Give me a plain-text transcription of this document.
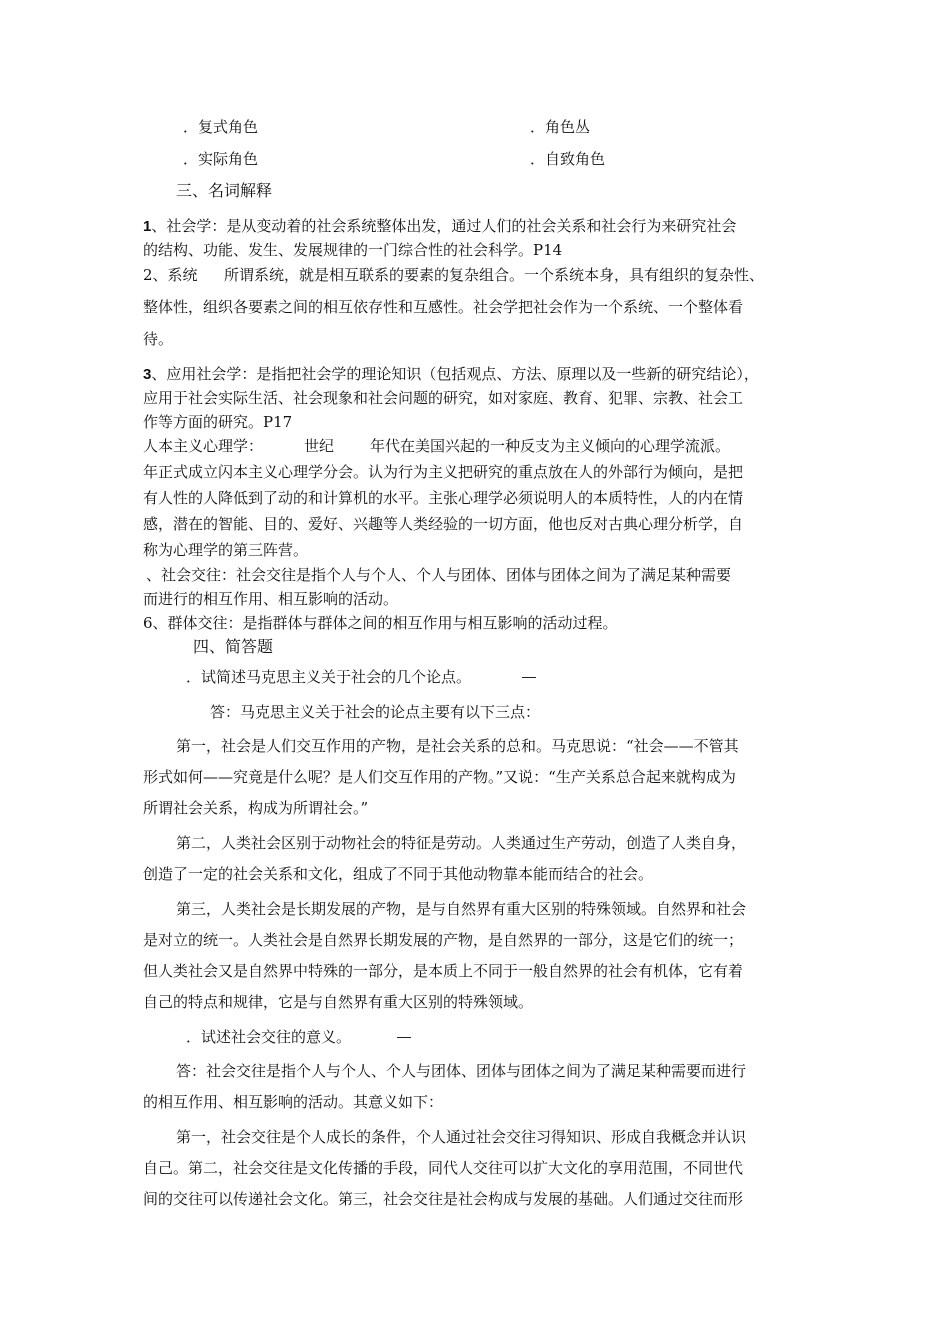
．复式角色	．角色丛
．实际角色	．自致角色
三、名词解释
1、社会学：是从变动着的社会系统整体出发，通过人们的社会关系和社会行为来研究社会
的结构、功能、发生、发展规律的一门综合性的社会科学。P14
2、系统 所谓系统，就是相互联系的要素的复杂组合。一个系统本身，具有组织的复杂性、
整体性，组织各要素之间的相互依存性和互感性。社会学把社会作为一个系统、一个整体看
待。
3、应用社会学：是指把社会学的理论知识（包括观点、方法、原理以及一些新的研究结论），
应用于社会实际生活、社会现象和社会问题的研究，如对家庭、教育、犯罪、宗教、社会工
作等方面的研究。P17
人本主义心理学：	世纪 年代在美国兴起的一种反支为主义倾向的心理学流派。
年正式成立闪本主义心理学分会。认为行为主义把研究的重点放在人的外部行为倾向，是把
有人性的人降低到了动的和计算机的水平。主张心理学必须说明人的本质特性，人的内在情
感，潜在的智能、目的、爱好、兴趣等人类经验的一切方面，他也反对古典心理分析学，自
称为心理学的第三阵营。
、社会交往：社会交往是指个人与个人、个人与团体、团体与团体之间为了满足某种需要
而进行的相互作用、相互影响的活动。
6、群体交往：是指群体与群体之间的相互作用与相互影响的活动过程。
四、简答题
．试简述马克思主义关于社会的几个论点。
答：马克思主义关于社会的论点主要有以下三点：
第一，社会是人们交互作用的产物，是社会关系的总和。马克思说：“社会——不管其
形式如何——究竟是什么呢？是人们交互作用的产物。”又说：“生产关系总合起来就构成为
所谓社会关系，构成为所谓社会。”
第二，人类社会区别于动物社会的特征是劳动。人类通过生产劳动，创造了人类自身，
创造了一定的社会关系和文化，组成了不同于其他动物靠本能而结合的社会。
第三，人类社会是长期发展的产物，是与自然界有重大区别的特殊领域。自然界和社会
是对立的统一。人类社会是自然界长期发展的产物，是自然界的一部分，这是它们的统一；
但人类社会又是自然界中特殊的一部分，是本质上不同于一般自然界的社会有机体，它有着
自己的特点和规律，它是与自然界有重大区别的特殊领域。
．试述社会交往的意义。
答：社会交往是指个人与个人、个人与团体、团体与团体之间为了满足某种需要而进行
的相互作用、相互影响的活动。其意义如下：
第一，社会交往是个人成长的条件，个人通过社会交往习得知识、形成自我概念并认识
自己。第二，社会交往是文化传播的手段，同代人交往可以扩大文化的享用范围，不同世代
间的交往可以传递社会文化。第三，社会交往是社会构成与发展的基础。人们通过交往而形
